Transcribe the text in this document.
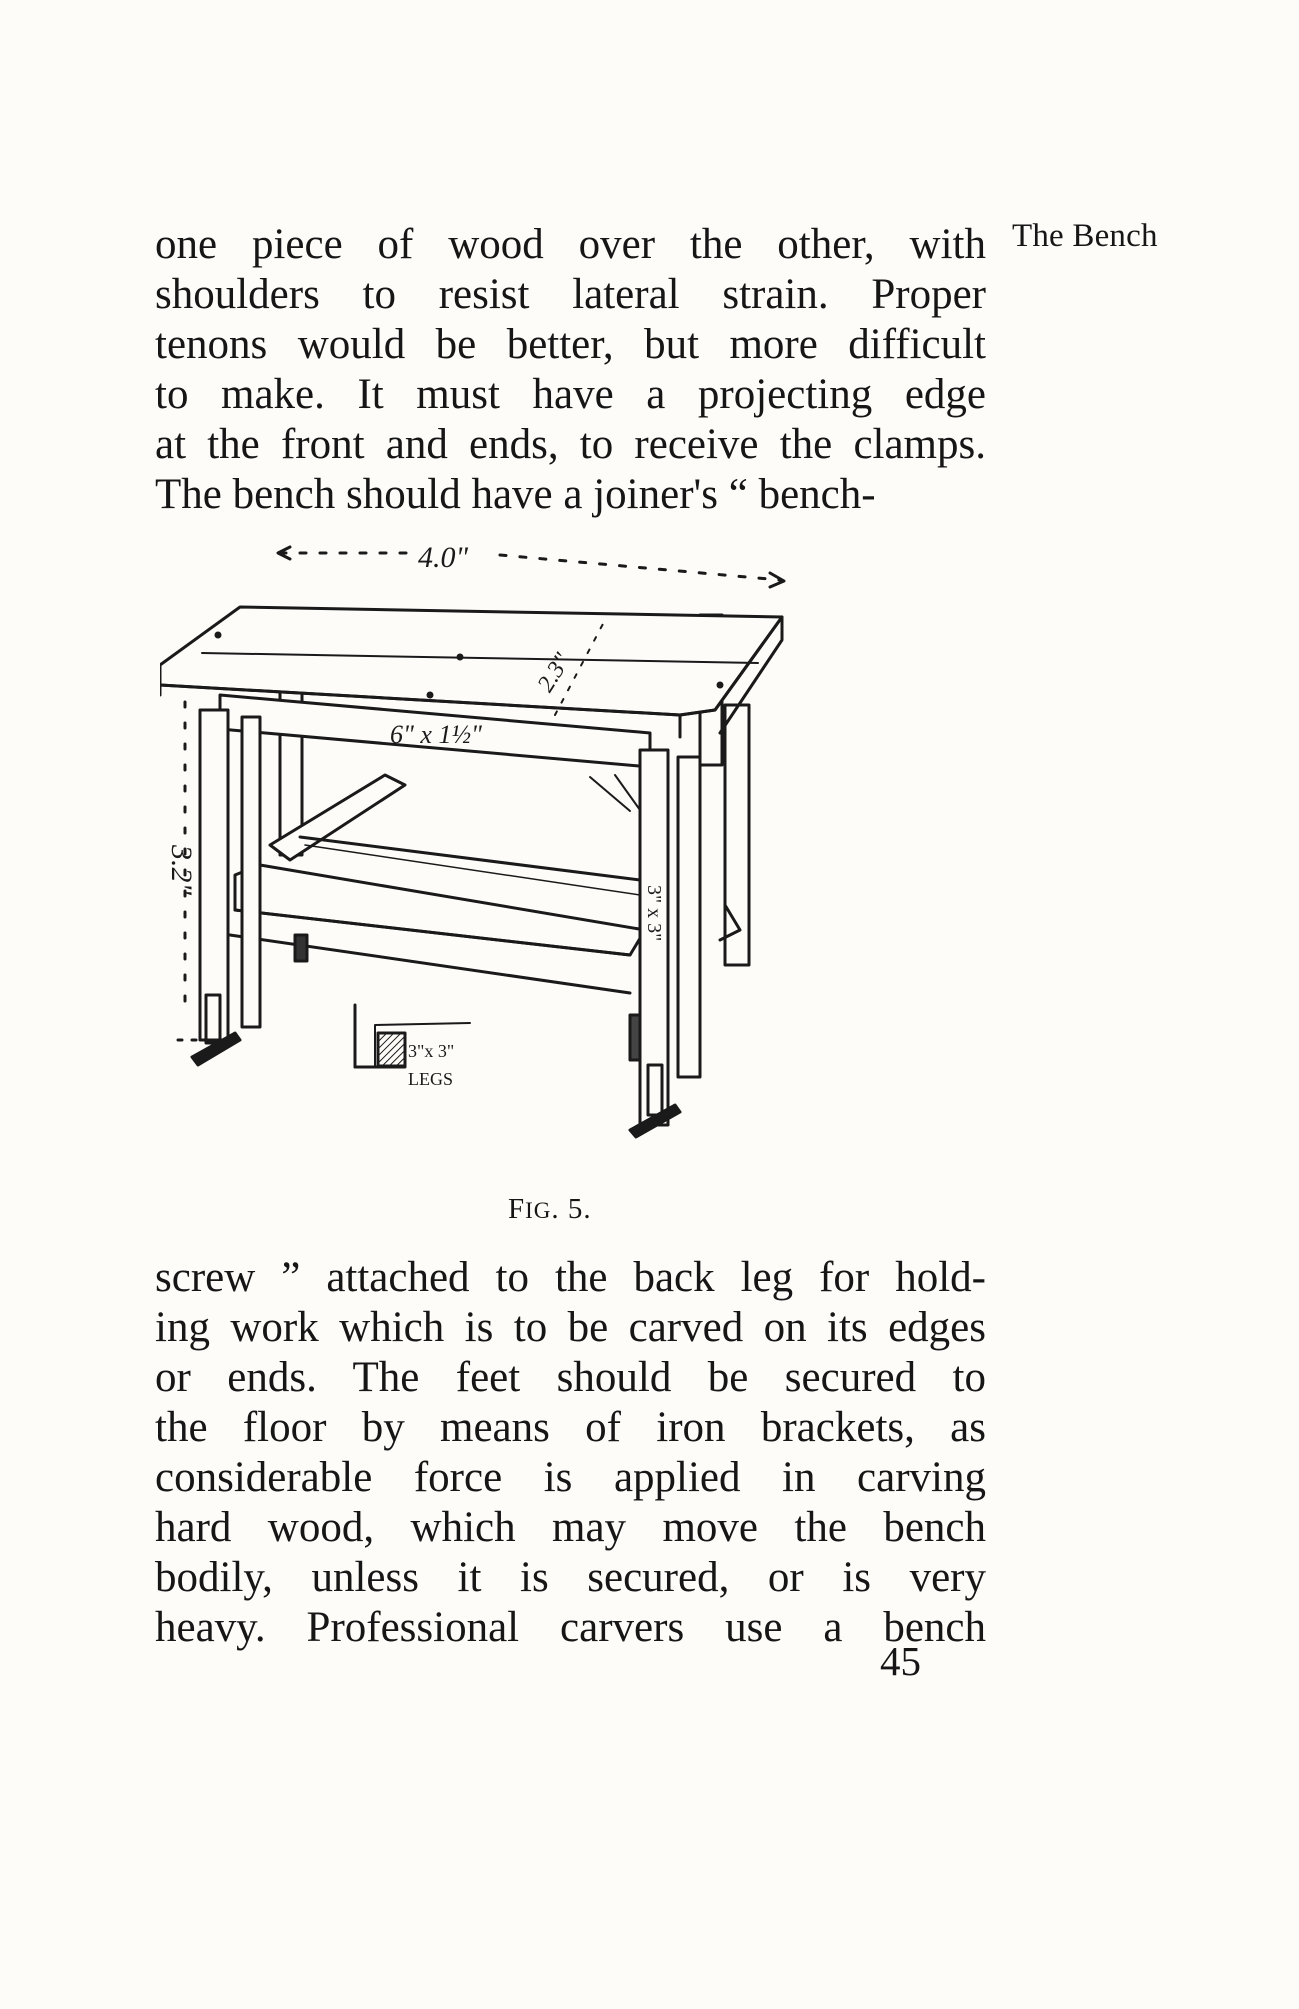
The Bench
one piece of wood over the other, with
shoulders to resist lateral strain. Proper
tenons would be better, but more difficult
to make. It must have a projecting edge
at the front and ends, to receive the clamps.
The bench should have a joiner's “ bench-
4.0"
3.2"
2.3"
6" x 1½"
3" x 3"
3"x 3"
LEGS
FIG. 5.
screw ” attached to the back leg for hold-
ing work which is to be carved on its edges
or ends. The feet should be secured to
the floor by means of iron brackets, as
considerable force is applied in carving
hard wood, which may move the bench
bodily, unless it is secured, or is very
heavy. Professional carvers use a bench
45
